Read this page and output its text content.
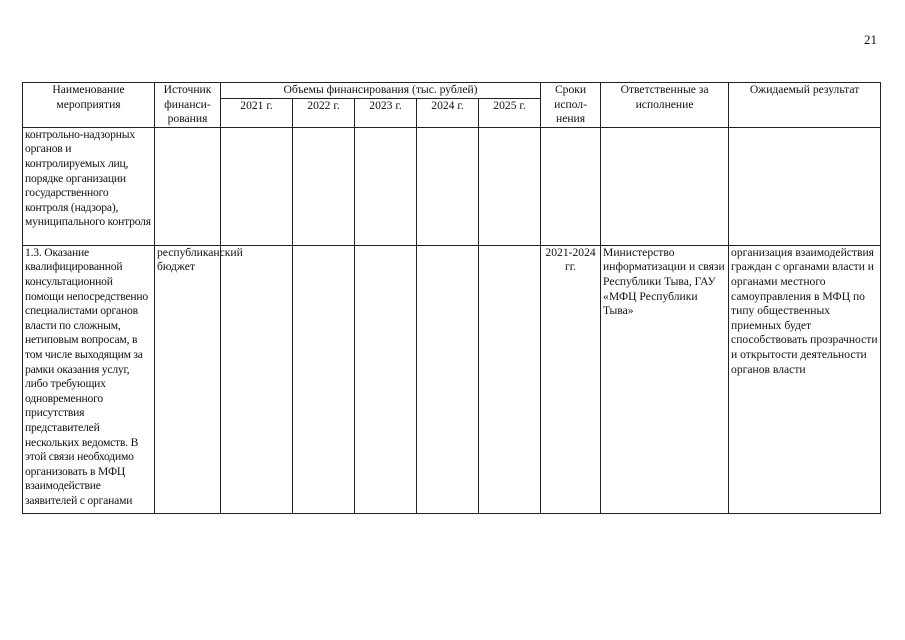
21
Наименование мероприятия	Источник финанси-рования	Объемы финансирования (тыс. рублей)					Сроки испол-нения	Ответственные за исполнение	Ожидаемый результат
		2021 г.	2022 г.	2023 г.	2024 г.	2025 г.			
контрольно-надзорных органов и контролируемых лиц, порядке организации государственного контроля (надзора), муниципального контроля									
1.3. Оказание квалифицированной консультационной помощи непосредственно специалистами органов власти по сложным, нетиповым вопросам, в том числе выходящим за рамки оказания услуг, либо требующих одновременного присутствия представителей нескольких ведомств. В этой связи необходимо организовать в МФЦ взаимодействие заявителей с органами	республиканский бюджет						2021-2024 гг.	Министерство информатизации и связи Республики Тыва, ГАУ «МФЦ Республики Тыва»	организация взаимодействия граждан с органами власти и органами местного самоуправления в МФЦ по типу общественных приемных будет способствовать прозрачности и открытости деятельности органов власти
